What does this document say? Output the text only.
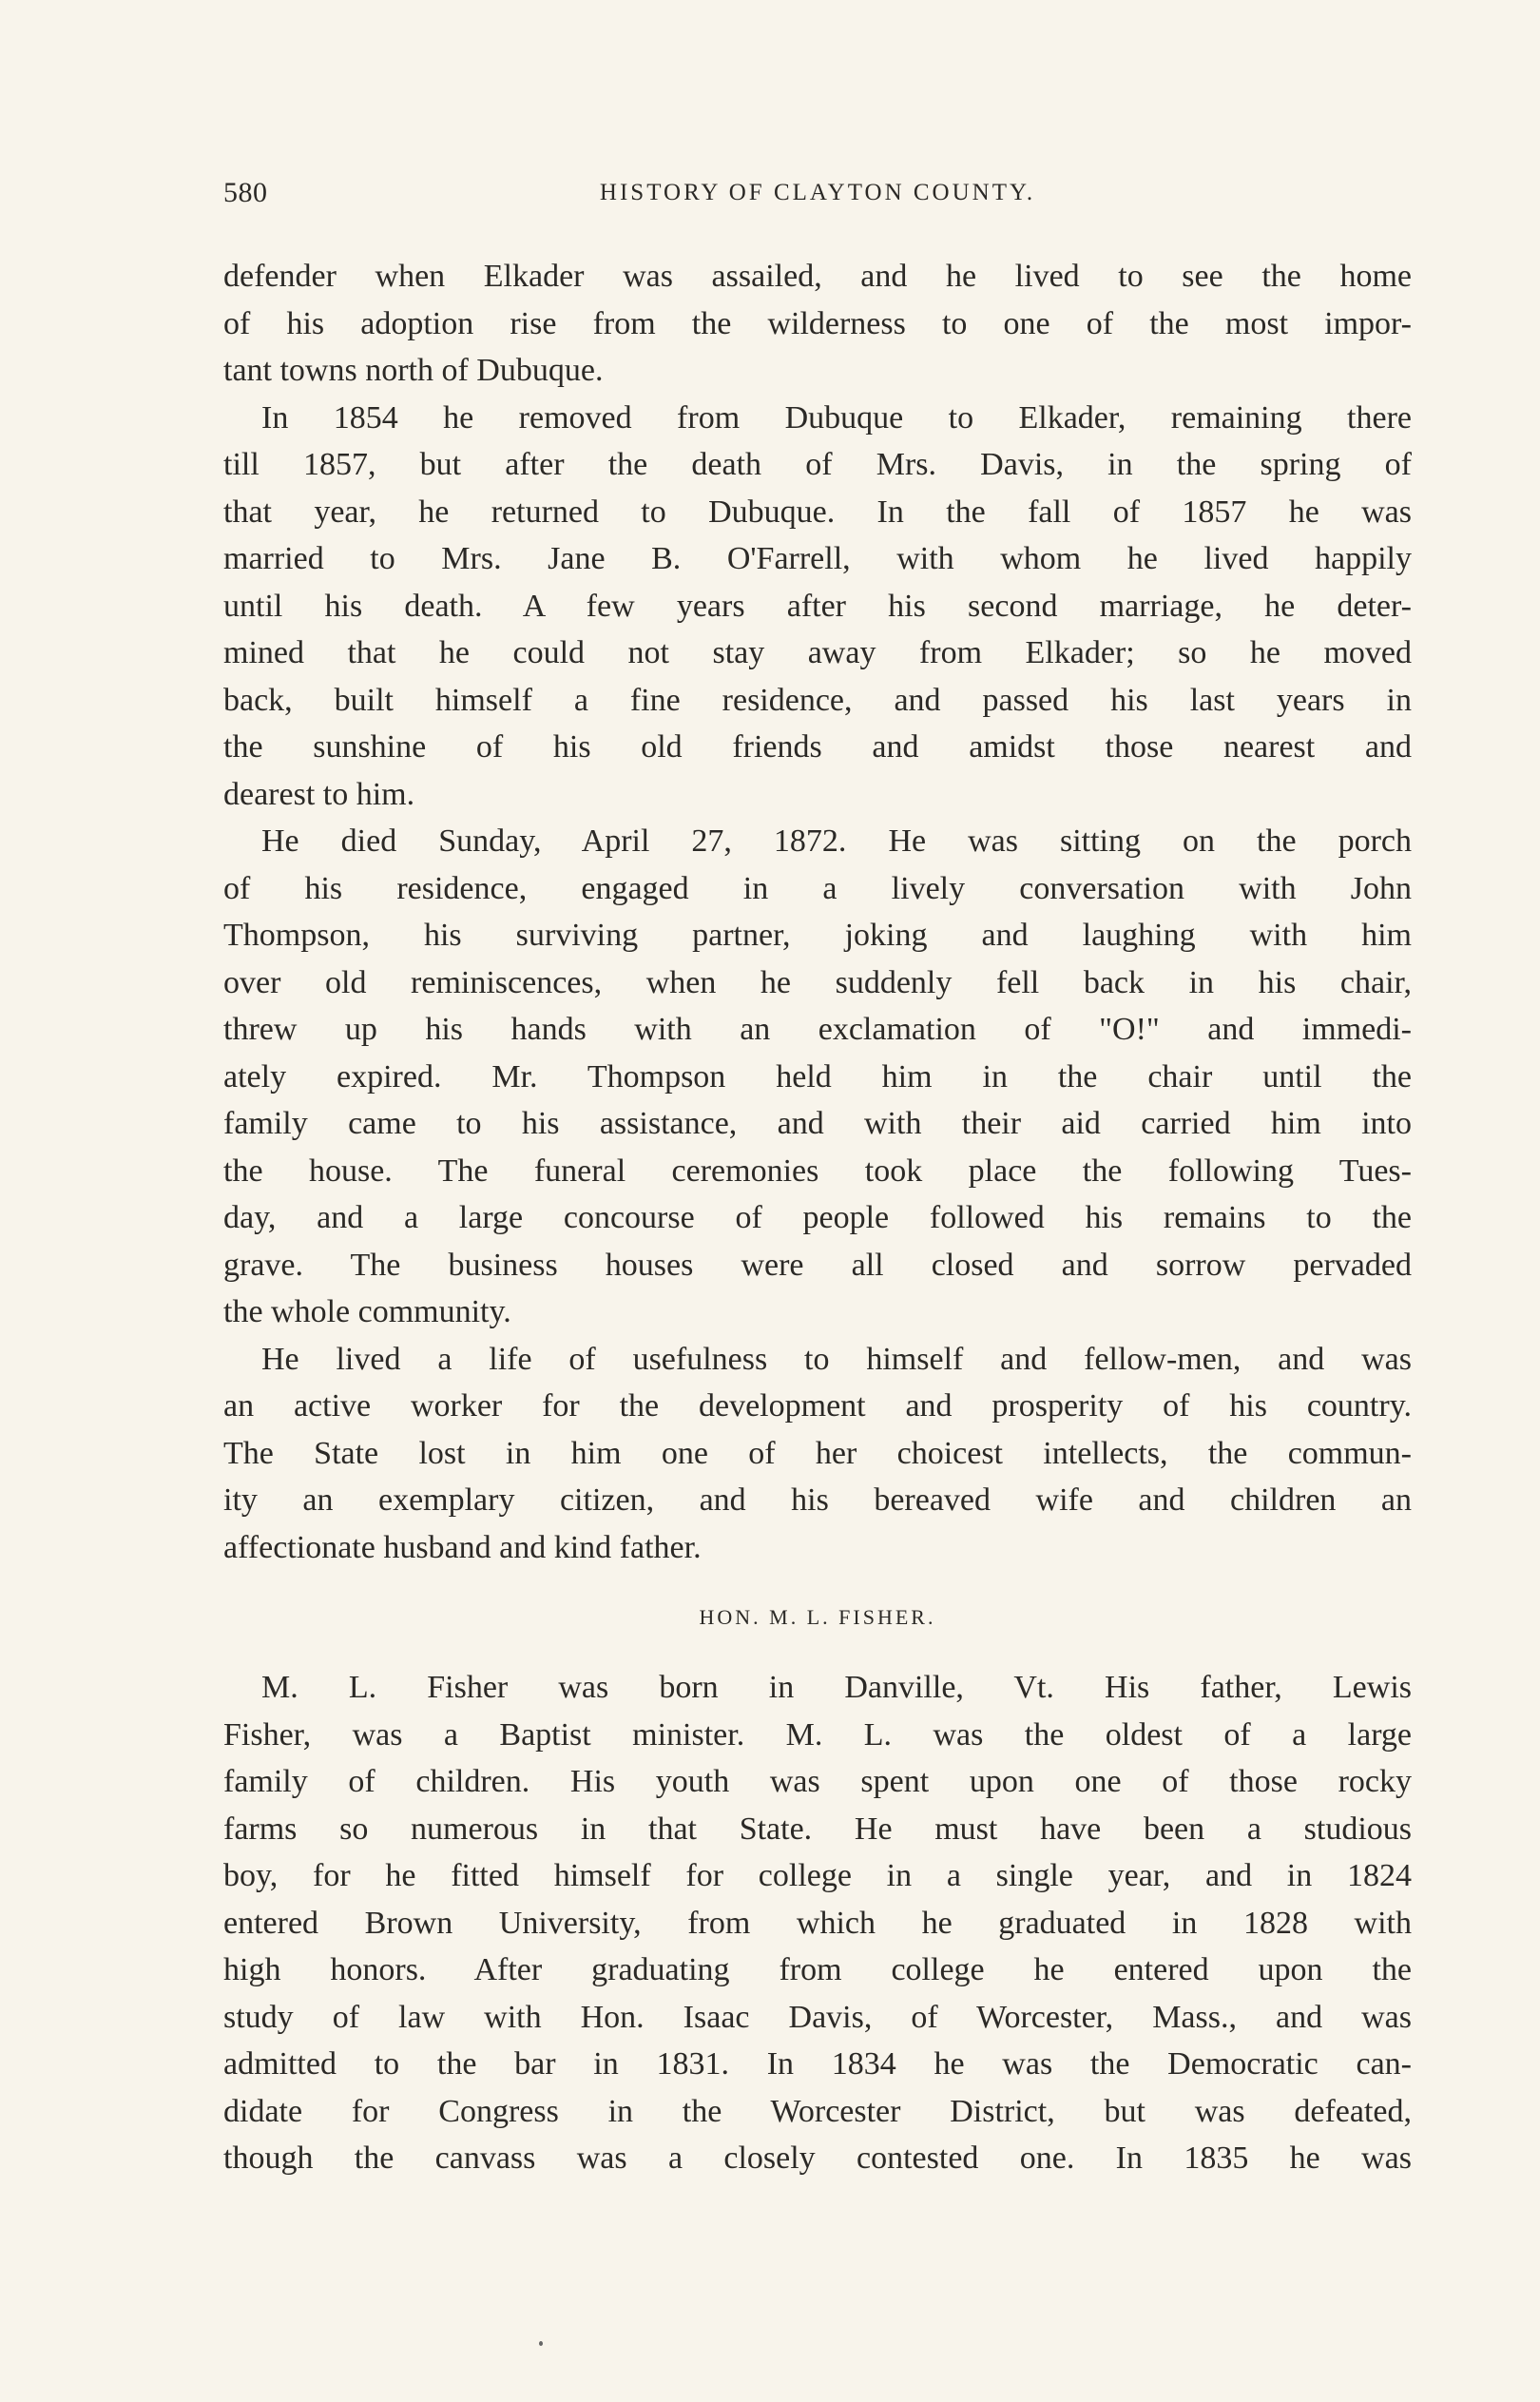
580	HISTORY OF CLAYTON COUNTY.
defender when Elkader was assailed, and he lived to see the home
of his adoption rise from the wilderness to one of the most impor-
tant towns north of Dubuque.
In 1854 he removed from Dubuque to Elkader, remaining there
till 1857, but after the death of Mrs. Davis, in the spring of
that year, he returned to Dubuque. In the fall of 1857 he was
married to Mrs. Jane B. O'Farrell, with whom he lived happily
until his death. A few years after his second marriage, he deter-
mined that he could not stay away from Elkader; so he moved
back, built himself a fine residence, and passed his last years in
the sunshine of his old friends and amidst those nearest and
dearest to him.
He died Sunday, April 27, 1872. He was sitting on the porch
of his residence, engaged in a lively conversation with John
Thompson, his surviving partner, joking and laughing with him
over old reminiscences, when he suddenly fell back in his chair,
threw up his hands with an exclamation of "O!" and immedi-
ately expired. Mr. Thompson held him in the chair until the
family came to his assistance, and with their aid carried him into
the house. The funeral ceremonies took place the following Tues-
day, and a large concourse of people followed his remains to the
grave. The business houses were all closed and sorrow pervaded
the whole community.
He lived a life of usefulness to himself and fellow-men, and was
an active worker for the development and prosperity of his country.
The State lost in him one of her choicest intellects, the commun-
ity an exemplary citizen, and his bereaved wife and children an
affectionate husband and kind father.
HON. M. L. FISHER.
M. L. Fisher was born in Danville, Vt. His father, Lewis
Fisher, was a Baptist minister. M. L. was the oldest of a large
family of children. His youth was spent upon one of those rocky
farms so numerous in that State. He must have been a studious
boy, for he fitted himself for college in a single year, and in 1824
entered Brown University, from which he graduated in 1828 with
high honors. After graduating from college he entered upon the
study of law with Hon. Isaac Davis, of Worcester, Mass., and was
admitted to the bar in 1831. In 1834 he was the Democratic can-
didate for Congress in the Worcester District, but was defeated,
though the canvass was a closely contested one. In 1835 he was
